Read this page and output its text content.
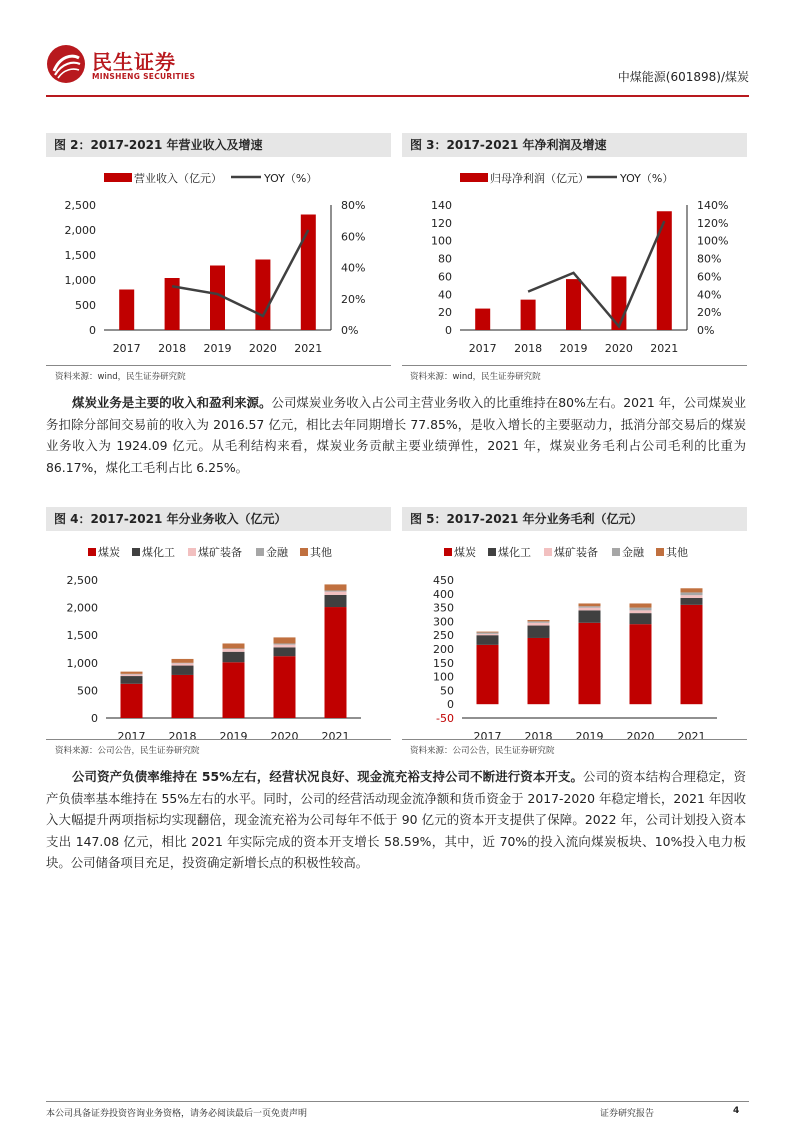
民生证券
MINSHENG SECURITIES	中煤能源(601898)/煤炭
图 2：2017-2021 年营业收入及增速
营业收入（亿元）	YOY（%）
0
500
1,000
1,500
2,000
2,500
0%
20%
40%
60%
80%
2017 2018 2019 2020 2021
资料来源：wind，民生证券研究院
图 3：2017-2021 年净利润及增速
归母净利润（亿元）	YOY（%）
0
20
40
60
80
100
120
140
0%
20%
40%
60%
80%
100%
120%
140%
2017 2018 2019 2020 2021
资料来源：wind，民生证券研究院
煤炭业务是主要的收入和盈利来源。公司煤炭业务收入占公司主营业务收入的比重维持在80%左右。2021 年，公司煤炭业务扣除分部间交易前的收入为 2016.57 亿元，相比去年同期增长 77.85%，是收入增长的主要驱动力，抵消分部交易后的煤炭业务收入为 1924.09 亿元。从毛利结构来看，煤炭业务贡献主要业绩弹性，2021 年，煤炭业务毛利占公司毛利的比重为 86.17%，煤化工毛利占比 6.25%。
图 4：2017-2021 年分业务收入（亿元）
煤炭 煤化工 煤矿装备 金融 其他
0
500
1,000
1,500
2,000
2,500
2017 2018 2019 2020 2021
资料来源：公司公告，民生证券研究院
图 5：2017-2021 年分业务毛利（亿元）
煤炭 煤化工 煤矿装备 金融 其他
-50
0
50
100
150
200
250
300
350
400
450
2017 2018 2019 2020 2021
资料来源：公司公告，民生证券研究院
公司资产负债率维持在 55%左右，经营状况良好、现金流充裕支持公司不断进行资本开支。公司的资本结构合理稳定，资产负债率基本维持在 55%左右的水平。同时，公司的经营活动现金流净额和货币资金于 2017-2020 年稳定增长，2021 年因收入大幅提升两项指标均实现翻倍，现金流充裕为公司每年不低于 90 亿元的资本开支提供了保障。2022 年，公司计划投入资本支出 147.08 亿元，相比 2021 年实际完成的资本开支增长 58.59%，其中，近 70%的投入流向煤炭板块、10%投入电力板块。公司储备项目充足，投资确定新增长点的积极性较高。
本公司具备证券投资咨询业务资格，请务必阅读最后一页免责声明	证券研究报告	4
